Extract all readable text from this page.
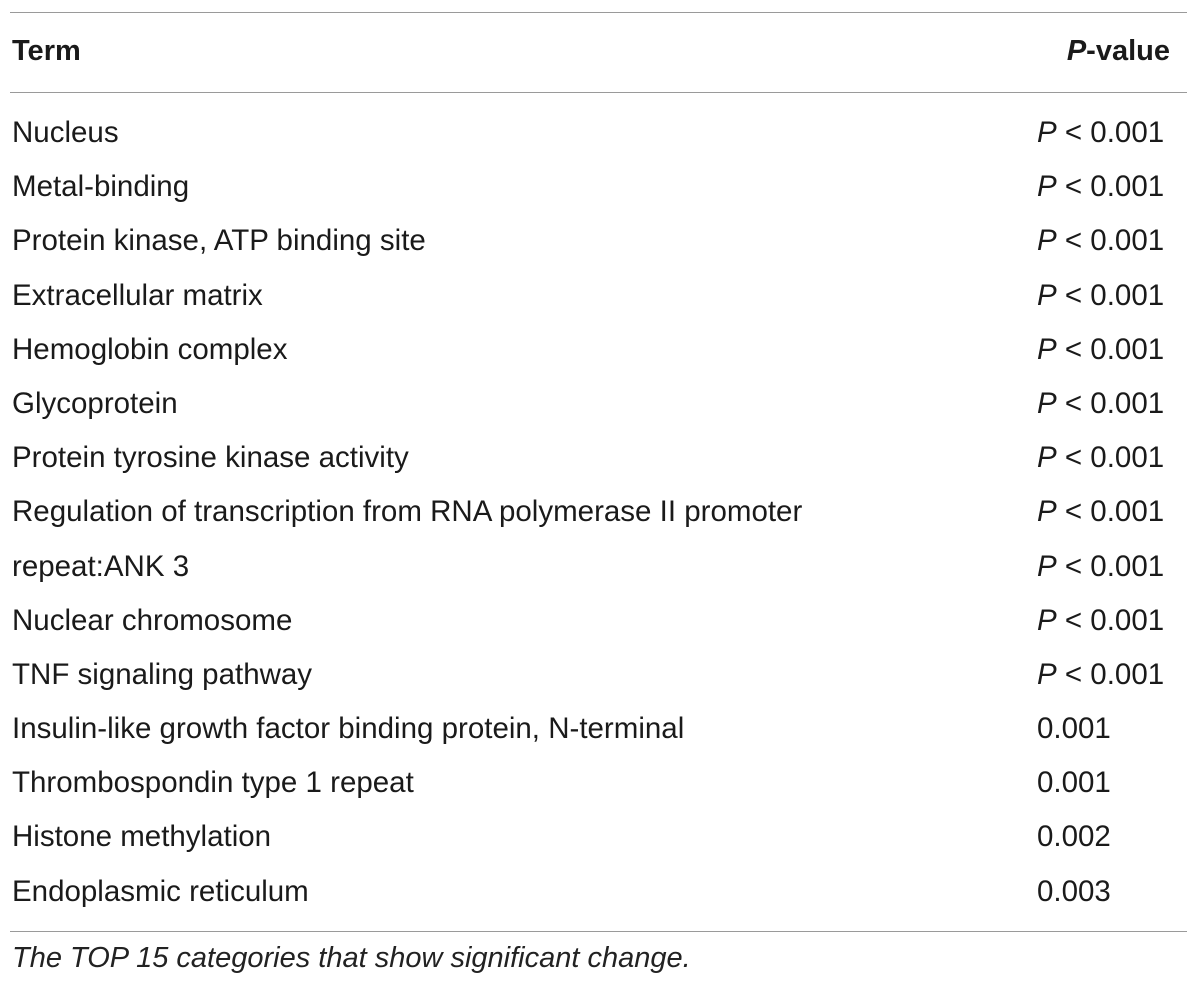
Term	P-value
Nucleus	P < 0.001
Metal-binding	P < 0.001
Protein kinase, ATP binding site	P < 0.001
Extracellular matrix	P < 0.001
Hemoglobin complex	P < 0.001
Glycoprotein	P < 0.001
Protein tyrosine kinase activity	P < 0.001
Regulation of transcription from RNA polymerase II promoter	P < 0.001
repeat:ANK 3	P < 0.001
Nuclear chromosome	P < 0.001
TNF signaling pathway	P < 0.001
Insulin-like growth factor binding protein, N-terminal	0.001
Thrombospondin type 1 repeat	0.001
Histone methylation	0.002
Endoplasmic reticulum	0.003
The TOP 15 categories that show significant change.
